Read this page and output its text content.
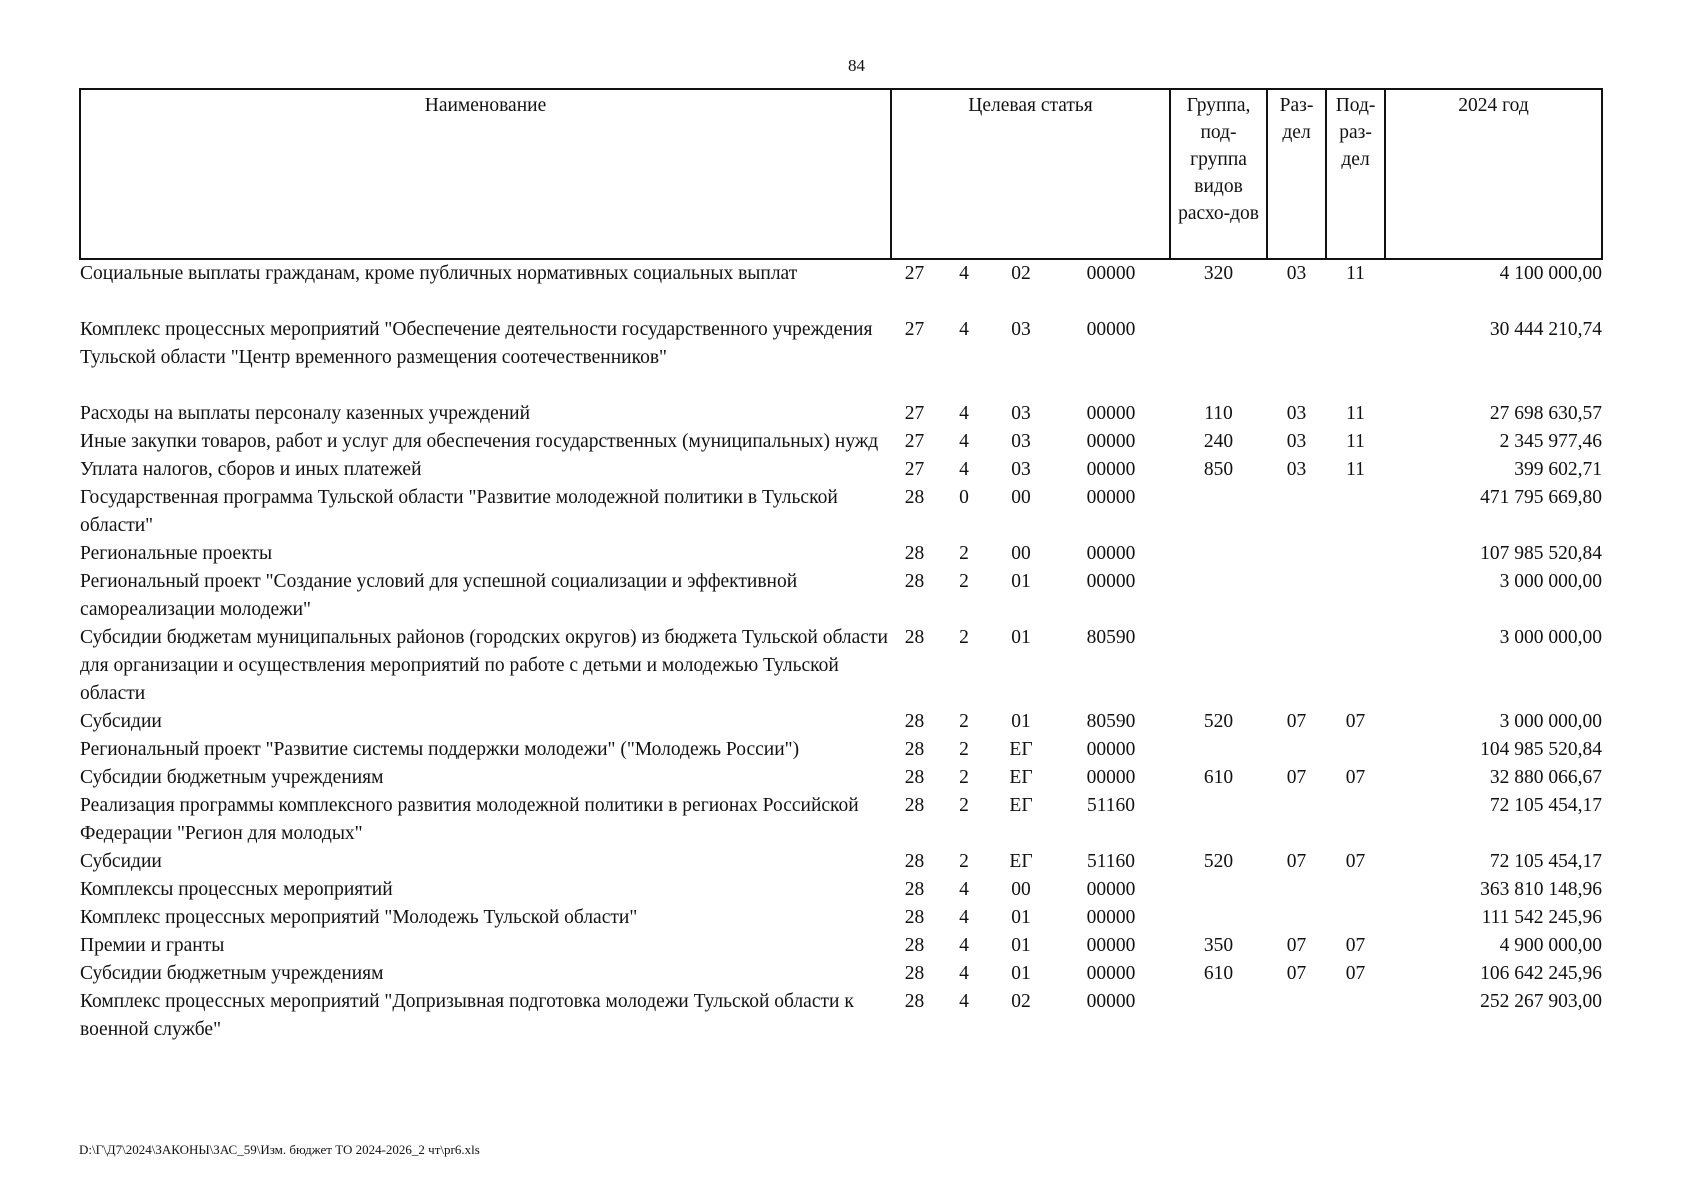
84
Наименование	Целевая статья				Группа, под-группа видов расхо-дов	Раз-дел	Под-раз-дел	2024 год
Социальные выплаты гражданам, кроме публичных нормативных социальных выплат	27	4	02	00000	320	03	11	4 100 000,00
Комплекс процессных мероприятий "Обеспечение деятельности государственного учреждения Тульской области "Центр временного размещения соотечественников"	27	4	03	00000				30 444 210,74
Расходы на выплаты персоналу казенных учреждений	27	4	03	00000	110	03	11	27 698 630,57
Иные закупки товаров, работ и услуг для обеспечения государственных (муниципальных) нужд	27	4	03	00000	240	03	11	2 345 977,46
Уплата налогов, сборов и иных платежей	27	4	03	00000	850	03	11	399 602,71
Государственная программа Тульской области "Развитие молодежной политики в Тульской области"	28	0	00	00000				471 795 669,80
Региональные проекты	28	2	00	00000				107 985 520,84
Региональный проект "Создание условий для успешной социализации и эффективной самореализации молодежи"	28	2	01	00000				3 000 000,00
Субсидии бюджетам муниципальных районов (городских округов) из бюджета Тульской области для организации и осуществления мероприятий по работе с детьми и молодежью Тульской области	28	2	01	80590				3 000 000,00
Субсидии	28	2	01	80590	520	07	07	3 000 000,00
Региональный проект "Развитие системы поддержки молодежи" ("Молодежь России")	28	2	ЕГ	00000				104 985 520,84
Субсидии бюджетным учреждениям	28	2	ЕГ	00000	610	07	07	32 880 066,67
Реализация программы комплексного развития молодежной политики в регионах Российской Федерации "Регион для молодых"	28	2	ЕГ	51160				72 105 454,17
Субсидии	28	2	ЕГ	51160	520	07	07	72 105 454,17
Комплексы процессных мероприятий	28	4	00	00000				363 810 148,96
Комплекс процессных мероприятий "Молодежь Тульской области"	28	4	01	00000				111 542 245,96
Премии и гранты	28	4	01	00000	350	07	07	4 900 000,00
Субсидии бюджетным учреждениям	28	4	01	00000	610	07	07	106 642 245,96
Комплекс процессных мероприятий "Допризывная подготовка молодежи Тульской области к военной службе"	28	4	02	00000				252 267 903,00
D:\Г\Д7\2024\ЗАКОНЫ\ЗАС_59\Изм. бюджет ТО 2024-2026_2 чт\pr6.xls
